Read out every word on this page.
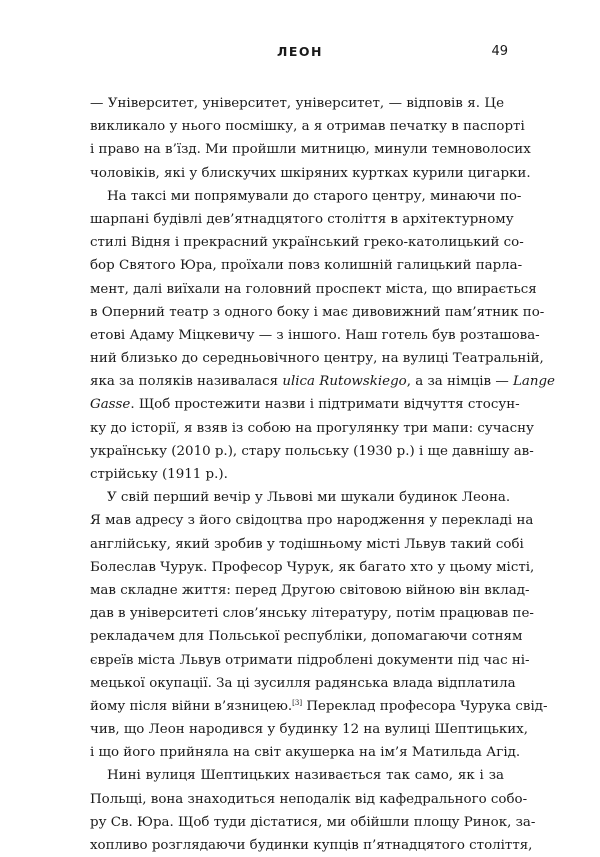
ЛЕОН	49
— Університет, університет, університет, — відповів я. Це
викликало у нього посмішку, а я отримав печатку в паспорті
і право на в’їзд. Ми пройшли митницю, минули темноволосих
чоловіків, які у блискучих шкіряних куртках курили цигарки.
На таксі ми попрямували до старого центру, минаючи по-
шарпані будівлі дев’ятнадцятого століття в архітектурному
стилі Відня і прекрасний український греко-католицький со-
бор Святого Юра, проїхали повз колишній галицький парла-
мент, далі виїхали на головний проспект міста, що впирається
в Оперний театр з одного боку і має дивовижний пам’ятник по-
етові Адаму Міцкевичу — з іншого. Наш готель був розташова-
ний близько до середньовічного центру, на вулиці Театральній,
яка за поляків називалася ulica Rutowskiego, а за німців — Lange
Gasse. Щоб простежити назви і підтримати відчуття стосун-
ку до історії, я взяв із собою на прогулянку три мапи: сучасну
українську (2010 р.), стару польську (1930 р.) і ще давнішу ав-
стрійську (1911 р.).
У свій перший вечір у Львові ми шукали будинок Леона.
Я мав адресу з його свідоцтва про народження у перекладі на
англійську, який зробив у тодішньому місті Львув такий собі
Болеслав Чурук. Професор Чурук, як багато хто у цьому місті,
мав складне життя: перед Другою світовою війною він вклад-
дав в університеті слов’янську літературу, потім працював пе-
рекладачем для Польської республіки, допомагаючи сотням
євреїв міста Львув отримати підроблені документи під час ні-
мецької окупації. За ці зусилля радянська влада відплатила
йому після війни в’язницею.[3] Переклад професора Чурука свід-
чив, що Леон народився у будинку 12 на вулиці Шептицьких,
і що його прийняла на світ акушерка на ім’я Матильда Агід.
Нині вулиця Шептицьких називається так само, як і за
Польщі, вона знаходиться неподалік від кафедрального собо-
ру Св. Юра. Щоб туди дістатися, ми обійшли площу Ринок, за-
хопливо розглядаючи будинки купців п’ятнадцятого століття,
